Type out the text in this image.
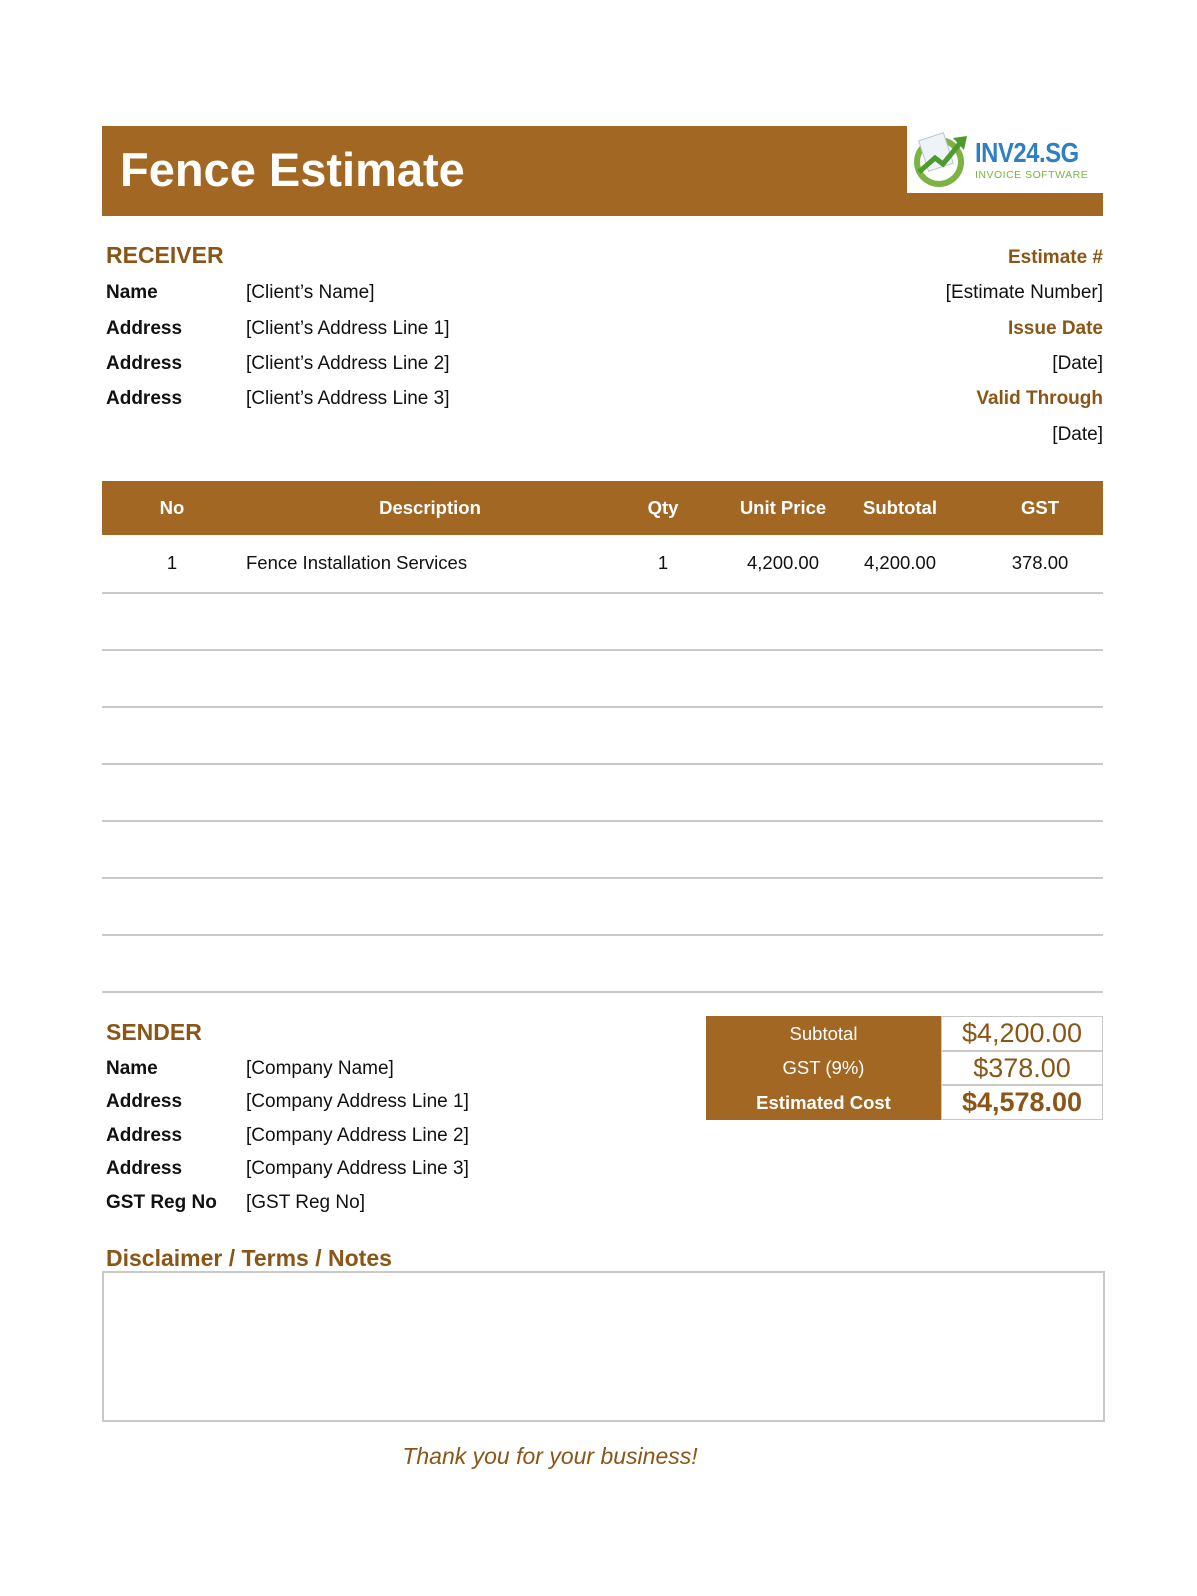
Fence Estimate	INV24.SG
INVOICE SOFTWARE
RECEIVER
Name	[Client’s Name]
Address	[Client’s Address Line 1]
Address	[Client’s Address Line 2]
Address	[Client’s Address Line 3]
Estimate #
[Estimate Number]
Issue Date
[Date]
Valid Through
[Date]
No	Description	Qty	Unit Price	Subtotal	GST
1	Fence Installation Services	1	4,200.00	4,200.00	378.00
SENDER
Name	[Company Name]
Address	[Company Address Line 1]
Address	[Company Address Line 2]
Address	[Company Address Line 3]
GST Reg No [GST Reg No]
Subtotal	$4,200.00
GST (9%)	$378.00
Estimated Cost	$4,578.00
Disclaimer / Terms / Notes
Thank you for your business!
